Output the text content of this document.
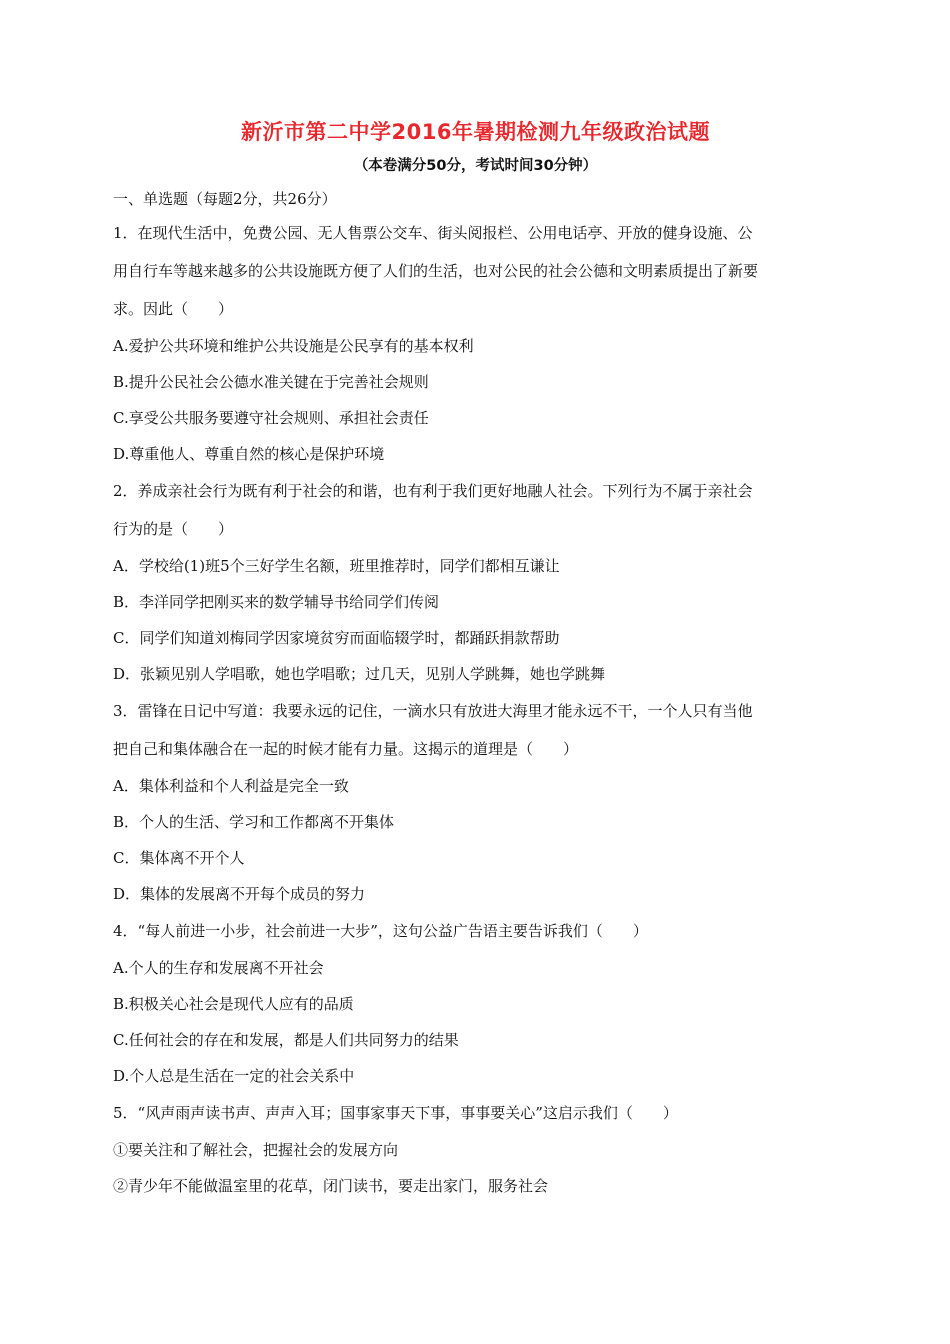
新沂市第二中学2016年暑期检测九年级政治试题

（本卷满分50分，考试时间30分钟）

一、单选题（每题2分，共26分）

1．在现代生活中，免费公园、无人售票公交车、街头阅报栏、公用电话亭、开放的健身设施、公

用自行车等越来越多的公共设施既方便了人们的生活，也对公民的社会公德和文明素质提出了新要

求。因此（　　）

A.爱护公共环境和维护公共设施是公民享有的基本权利

B.提升公民社会公德水准关键在于完善社会规则

C.享受公共服务要遵守社会规则、承担社会责任

D.尊重他人、尊重自然的核心是保护环境

2．养成亲社会行为既有利于社会的和谐，也有利于我们更好地融人社会。下列行为不属于亲社会

行为的是（　　）

A．学校给(1)班5个三好学生名额，班里推荐时，同学们都相互谦让

B．李洋同学把刚买来的数学辅导书给同学们传阅

C．同学们知道刘梅同学因家境贫穷而面临辍学时，都踊跃捐款帮助

D．张颖见别人学唱歌，她也学唱歌；过几天，见别人学跳舞，她也学跳舞

3．雷锋在日记中写道：我要永远的记住，一滴水只有放进大海里才能永远不干，一个人只有当他

把自己和集体融合在一起的时候才能有力量。这揭示的道理是（　　）

A．集体利益和个人利益是完全一致

B．个人的生活、学习和工作都离不开集体

C．集体离不开个人

D．集体的发展离不开每个成员的努力

4．“每人前进一小步，社会前进一大步”，这句公益广告语主要告诉我们（　　）

A.个人的生存和发展离不开社会

B.积极关心社会是现代人应有的品质

C.任何社会的存在和发展，都是人们共同努力的结果

D.个人总是生活在一定的社会关系中

5．“风声雨声读书声、声声入耳；国事家事天下事，事事要关心”这启示我们（　　）

①要关注和了解社会，把握社会的发展方向

②青少年不能做温室里的花草，闭门读书，要走出家门，服务社会
